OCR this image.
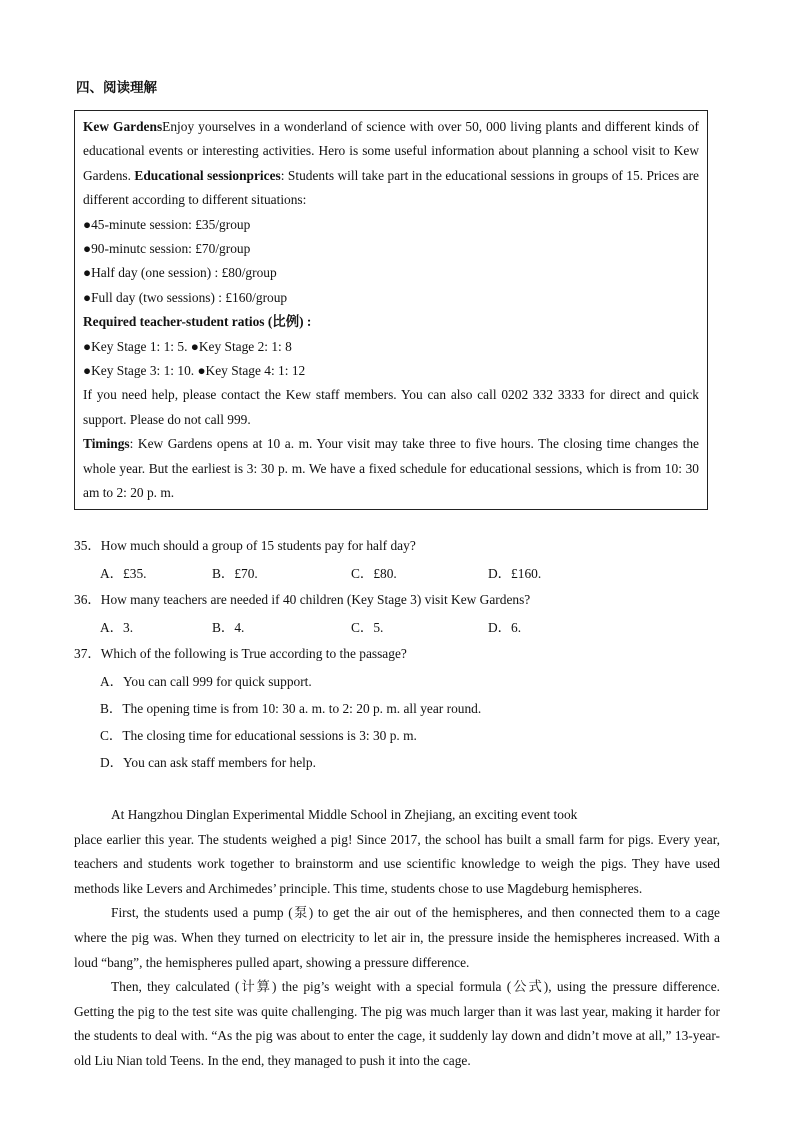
四、阅读理解

Kew GardensEnjoy yourselves in a wonderland of science with over 50, 000 living plants and different kinds of educational events or interesting activities. Hero is some useful information about planning a school visit to Kew Gardens. Educational sessionprices: Students will take part in the educational sessions in groups of 15. Prices are different according to different situations:

●45-minute session: £35/group

●90-minutc session: £70/group

●Half day (one session) : £80/group

●Full day (two sessions) : £160/group

Required teacher-student ratios (比例) :

●Key Stage 1: 1: 5. ●Key Stage 2: 1: 8

●Key Stage 3: 1: 10. ●Key Stage 4: 1: 12

If you need help, please contact the Kew staff members. You can also call 0202 332 3333 for direct and quick support. Please do not call 999.

Timings: Kew Gardens opens at 10 a. m. Your visit may take three to five hours. The closing time changes the whole year. But the earliest is 3: 30 p. m. We have a fixed schedule for educational sessions, which is from 10: 30 am to 2: 20 p. m.

35．How much should a group of 15 students pay for half day?
A．£35.	B．£70.	C．£80.	D．£160.
36．How many teachers are needed if 40 children (Key Stage 3) visit Kew Gardens?
A．3.	B．4.	C．5.	D．6.
37．Which of the following is True according to the passage?
A．You can call 999 for quick support.
B．The opening time is from 10: 30 a. m. to 2: 20 p. m. all year round.
C．The closing time for educational sessions is 3: 30 p. m.
D．You can ask staff members for help.

At Hangzhou Dinglan Experimental Middle School in Zhejiang, an exciting event took

place earlier this year. The students weighed a pig! Since 2017, the school has built a small farm for pigs. Every year, teachers and students work together to brainstorm and use scientific knowledge to weigh the pigs. They have used methods like Levers and Archimedes’ principle. This time, students chose to use Magdeburg hemispheres.

First, the students used a pump (泵) to get the air out of the hemispheres, and then connected them to a cage where the pig was. When they turned on electricity to let air in, the pressure inside the hemispheres increased. With a loud “bang”, the hemispheres pulled apart, showing a pressure difference.

Then, they calculated (计算) the pig’s weight with a special formula (公式), using the pressure difference. Getting the pig to the test site was quite challenging. The pig was much larger than it was last year, making it harder for the students to deal with. “As the pig was about to enter the cage, it suddenly lay down and didn’t move at all,” 13-year-old Liu Nian told Teens. In the end, they managed to push it into the cage.
